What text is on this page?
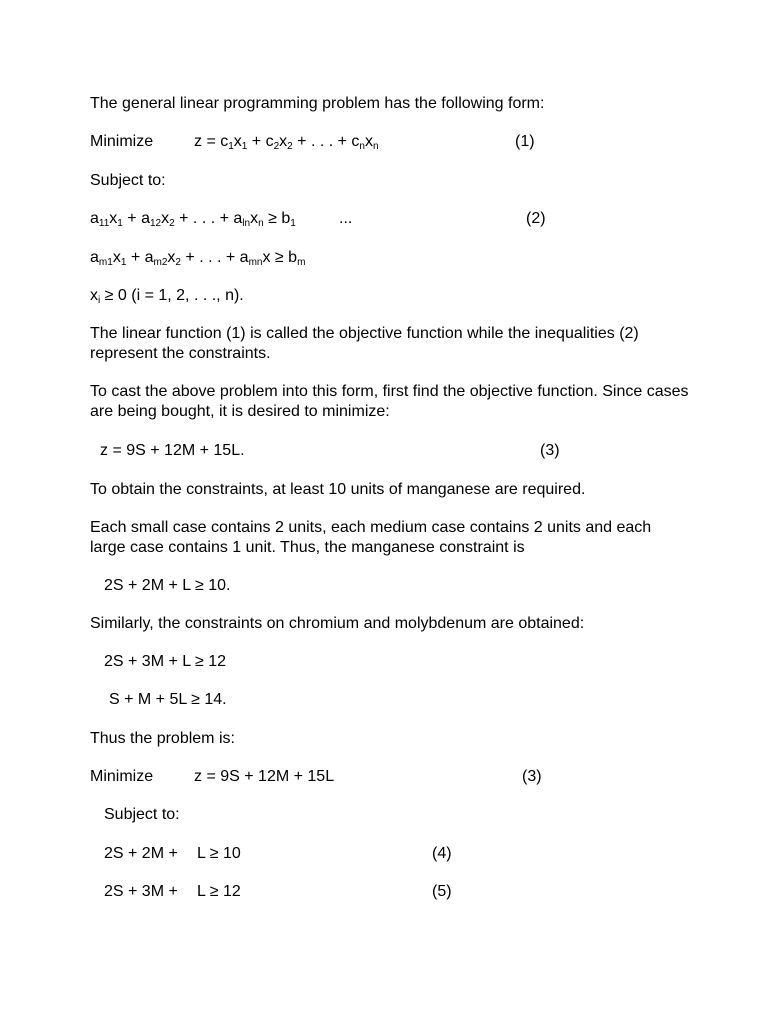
The general linear programming problem has the following form:

Minimize	$z = c_1x_1 + c_2x_2$ + . . . + $c_nx_n$	(1)

Subject to:

$a_{11}x_1 + a_{12}x_2$ + . . . + $a_{ln}x_n \ge b_1$	...	(2)

$a_{m1}x_1 + a_{m2}x_2$ + . . . + $a_{mn}x \ge b_m$

$x_i \ge 0$ (i = 1, 2, . . ., n).

The linear function (1) is called the objective function while the inequalities (2) represent the constraints.

To cast the above problem into this form, first find the objective function. Since cases are being bought, it is desired to minimize:

z = 9S + 12M + 15L.	(3)

To obtain the constraints, at least 10 units of manganese are required.

Each small case contains 2 units, each medium case contains 2 units and each large case contains 1 unit. Thus, the manganese constraint is

2S + 2M + L ≥ 10.

Similarly, the constraints on chromium and molybdenum are obtained:

2S + 3M + L ≥ 12

S + M + 5L ≥ 14.

Thus the problem is:

Minimize	z = 9S + 12M + 15L	(3)

Subject to:

2S + 2M + L ≥ 10	(4)

2S + 3M + L ≥ 12	(5)
